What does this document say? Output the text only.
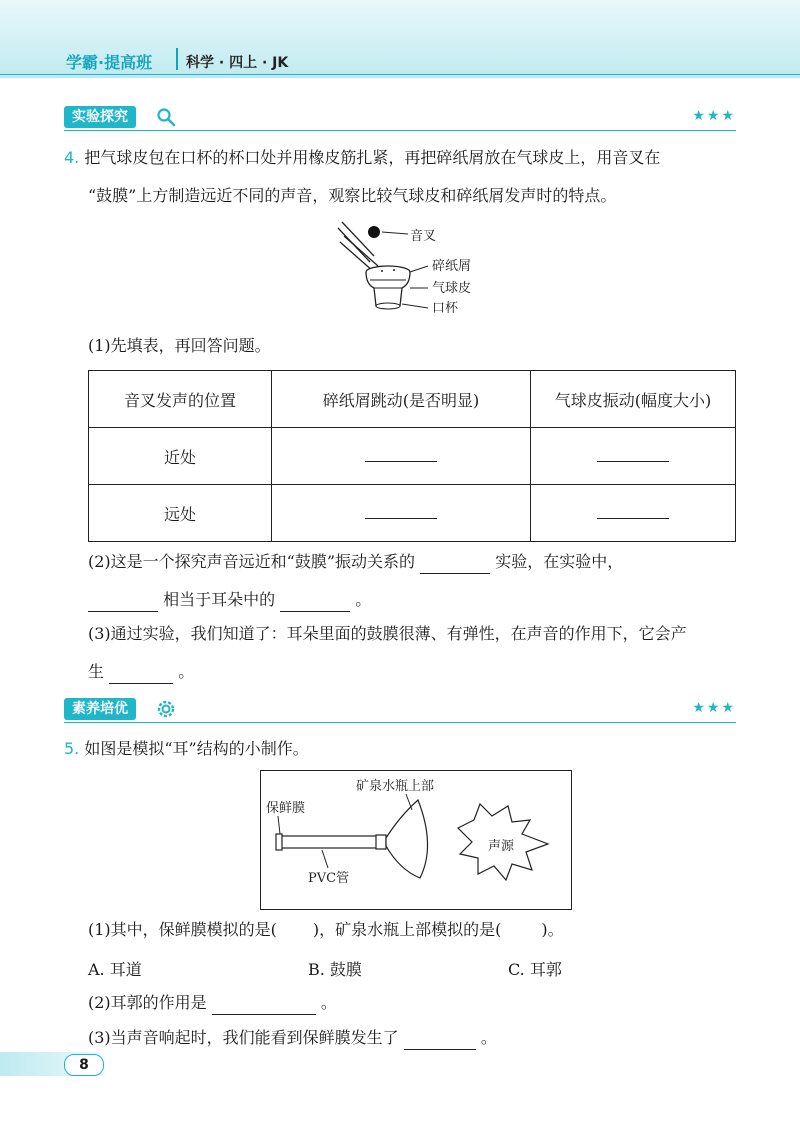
学霸·提高班 科学 · 四上 · JK
实验探究	★★★
4. 把气球皮包在口杯的杯口处并用橡皮筋扎紧，再把碎纸屑放在气球皮上，用音叉在
“鼓膜”上方制造远近不同的声音，观察比较气球皮和碎纸屑发声时的特点。
音叉
碎纸屑
气球皮
口杯
(1)先填表，再回答问题。
音叉发声的位置	碎纸屑跳动(是否明显)	气球皮振动(幅度大小)
近处		
远处		
(2)这是一个探究声音远近和“鼓膜”振动关系的	实验，在实验中，
相当于耳朵中的	。
(3)通过实验，我们知道了：耳朵里面的鼓膜很薄、有弹性，在声音的作用下，它会产
生	。
素养培优	★★★
5. 如图是模拟“耳”结构的小制作。
声源
矿泉水瓶上部
保鲜膜
PVC管
(1)其中，保鲜膜模拟的是( )，矿泉水瓶上部模拟的是(	)。
A. 耳道	B. 鼓膜	C. 耳郭
(2)耳郭的作用是	。
(3)当声音响起时，我们能看到保鲜膜发生了	。
8
